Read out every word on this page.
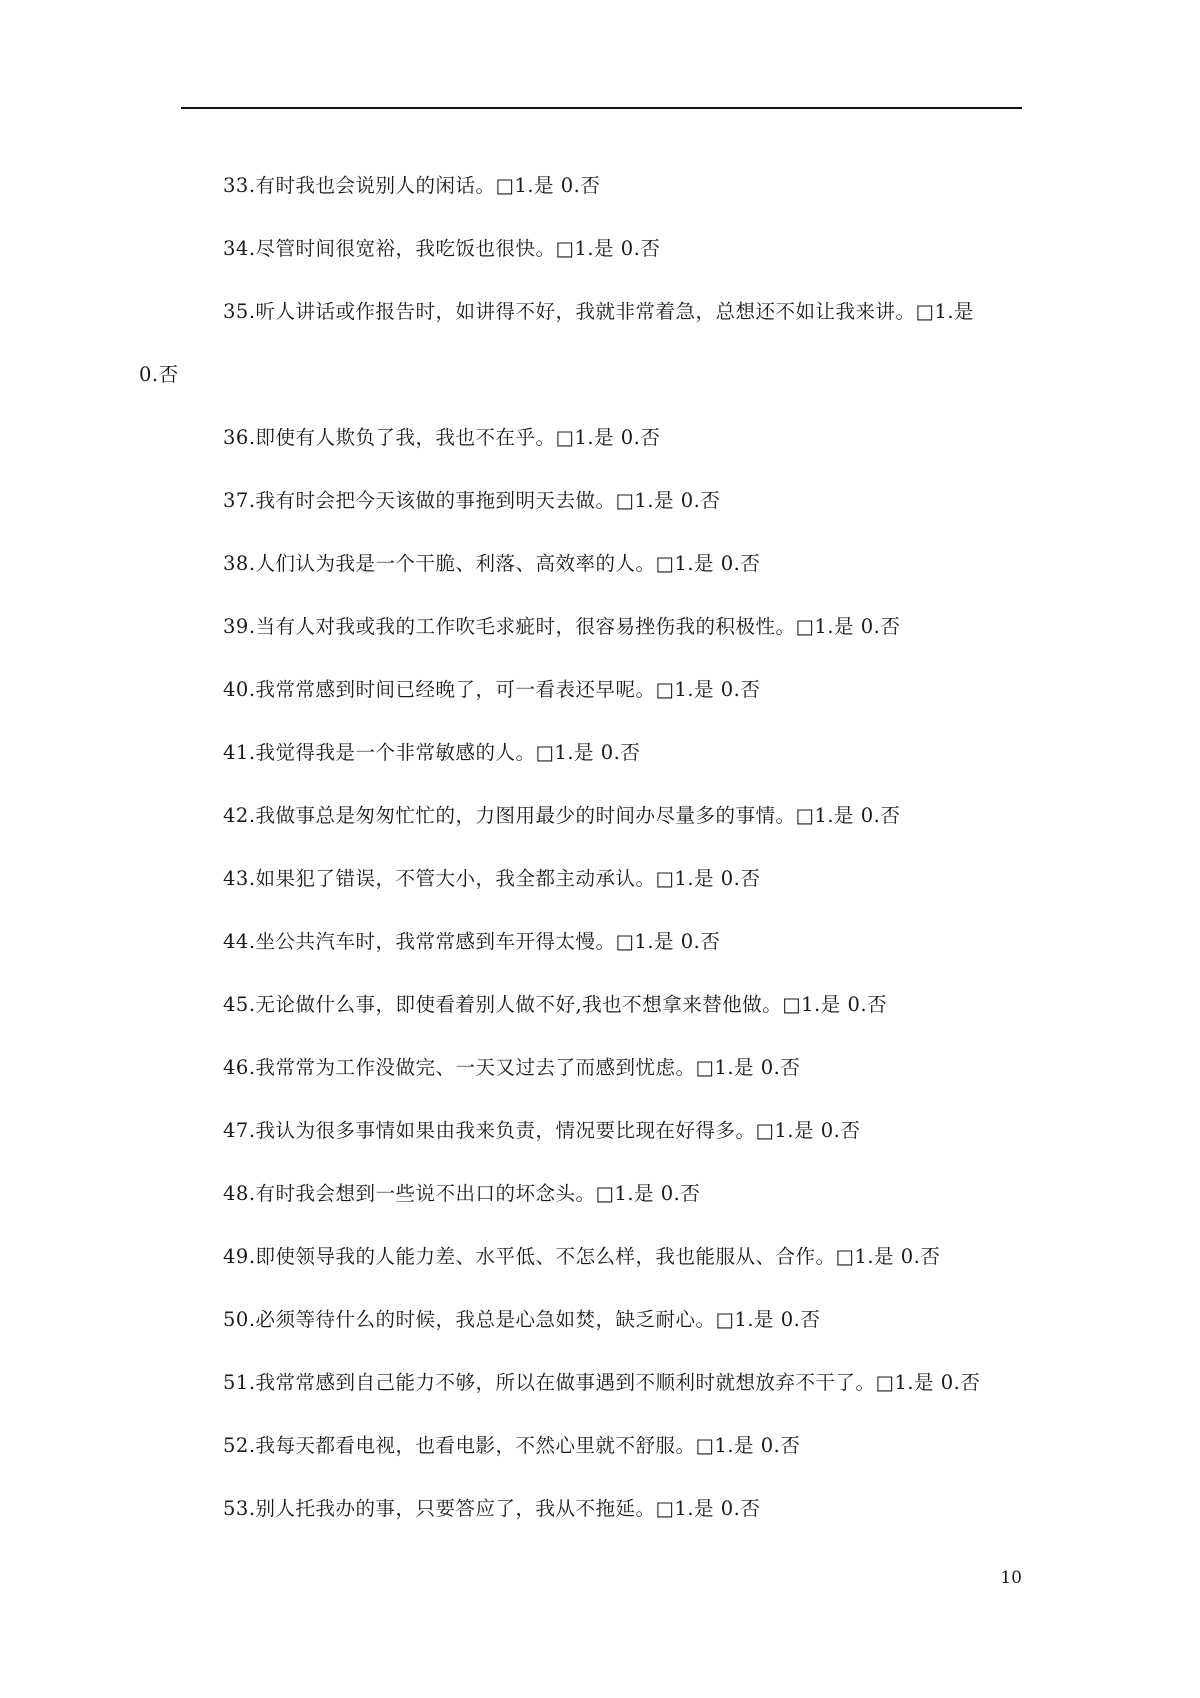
33.有时我也会说别人的闲话。□1.是 0.否
34.尽管时间很宽裕，我吃饭也很快。□1.是 0.否
35.听人讲话或作报告时，如讲得不好，我就非常着急，总想还不如让我来讲。□1.是
0.否
36.即使有人欺负了我，我也不在乎。□1.是 0.否
37.我有时会把今天该做的事拖到明天去做。□1.是 0.否
38.人们认为我是一个干脆、利落、高效率的人。□1.是 0.否
39.当有人对我或我的工作吹毛求疵时，很容易挫伤我的积极性。□1.是 0.否
40.我常常感到时间已经晚了，可一看表还早呢。□1.是 0.否
41.我觉得我是一个非常敏感的人。□1.是 0.否
42.我做事总是匆匆忙忙的，力图用最少的时间办尽量多的事情。□1.是 0.否
43.如果犯了错误，不管大小，我全都主动承认。□1.是 0.否
44.坐公共汽车时，我常常感到车开得太慢。□1.是 0.否
45.无论做什么事，即使看着别人做不好,我也不想拿来替他做。□1.是 0.否
46.我常常为工作没做完、一天又过去了而感到忧虑。□1.是 0.否
47.我认为很多事情如果由我来负责，情况要比现在好得多。□1.是 0.否
48.有时我会想到一些说不出口的坏念头。□1.是 0.否
49.即使领导我的人能力差、水平低、不怎么样，我也能服从、合作。□1.是 0.否
50.必须等待什么的时候，我总是心急如焚，缺乏耐心。□1.是 0.否
51.我常常感到自己能力不够，所以在做事遇到不顺利时就想放弃不干了。□1.是 0.否
52.我每天都看电视，也看电影，不然心里就不舒服。□1.是 0.否
53.别人托我办的事，只要答应了，我从不拖延。□1.是 0.否
10
